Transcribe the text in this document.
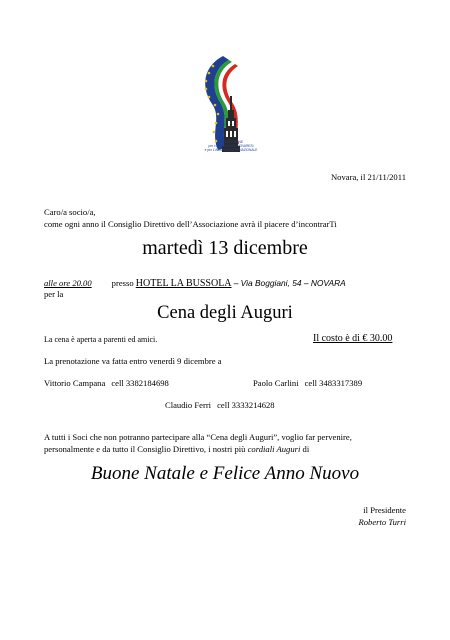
ASSOCIAZIONE
per i GEMELLAGGI NOVARESI
e per L'AMICIZIA INTERNAZIONALE
Novara, il 21/11/2011
Caro/a socio/a,
come ogni anno il Consiglio Direttivo dell’Associazione avrà il piacere d’incontrarTi
martedì 13 dicembre
alle ore 20.00 presso HOTEL LA BUSSOLA – Via Boggiani, 54 – NOVARA
per la
Cena degli Auguri
La cena è aperta a parenti ed amici.	Il costo è di € 30.00
La prenotazione va fatta entro venerdì 9 dicembre a
Vittorio Campana cell 3382184698	Paolo Carlini cell 3483317389
Claudio Ferri cell 3333214628
A tutti i Soci che non potranno partecipare alla “Cena degli Auguri”, voglio far pervenire,
personalmente e da tutto il Consiglio Direttivo, i nostri più cordiali Auguri di
Buone Natale e Felice Anno Nuovo
il Presidente
Roberto Turri
